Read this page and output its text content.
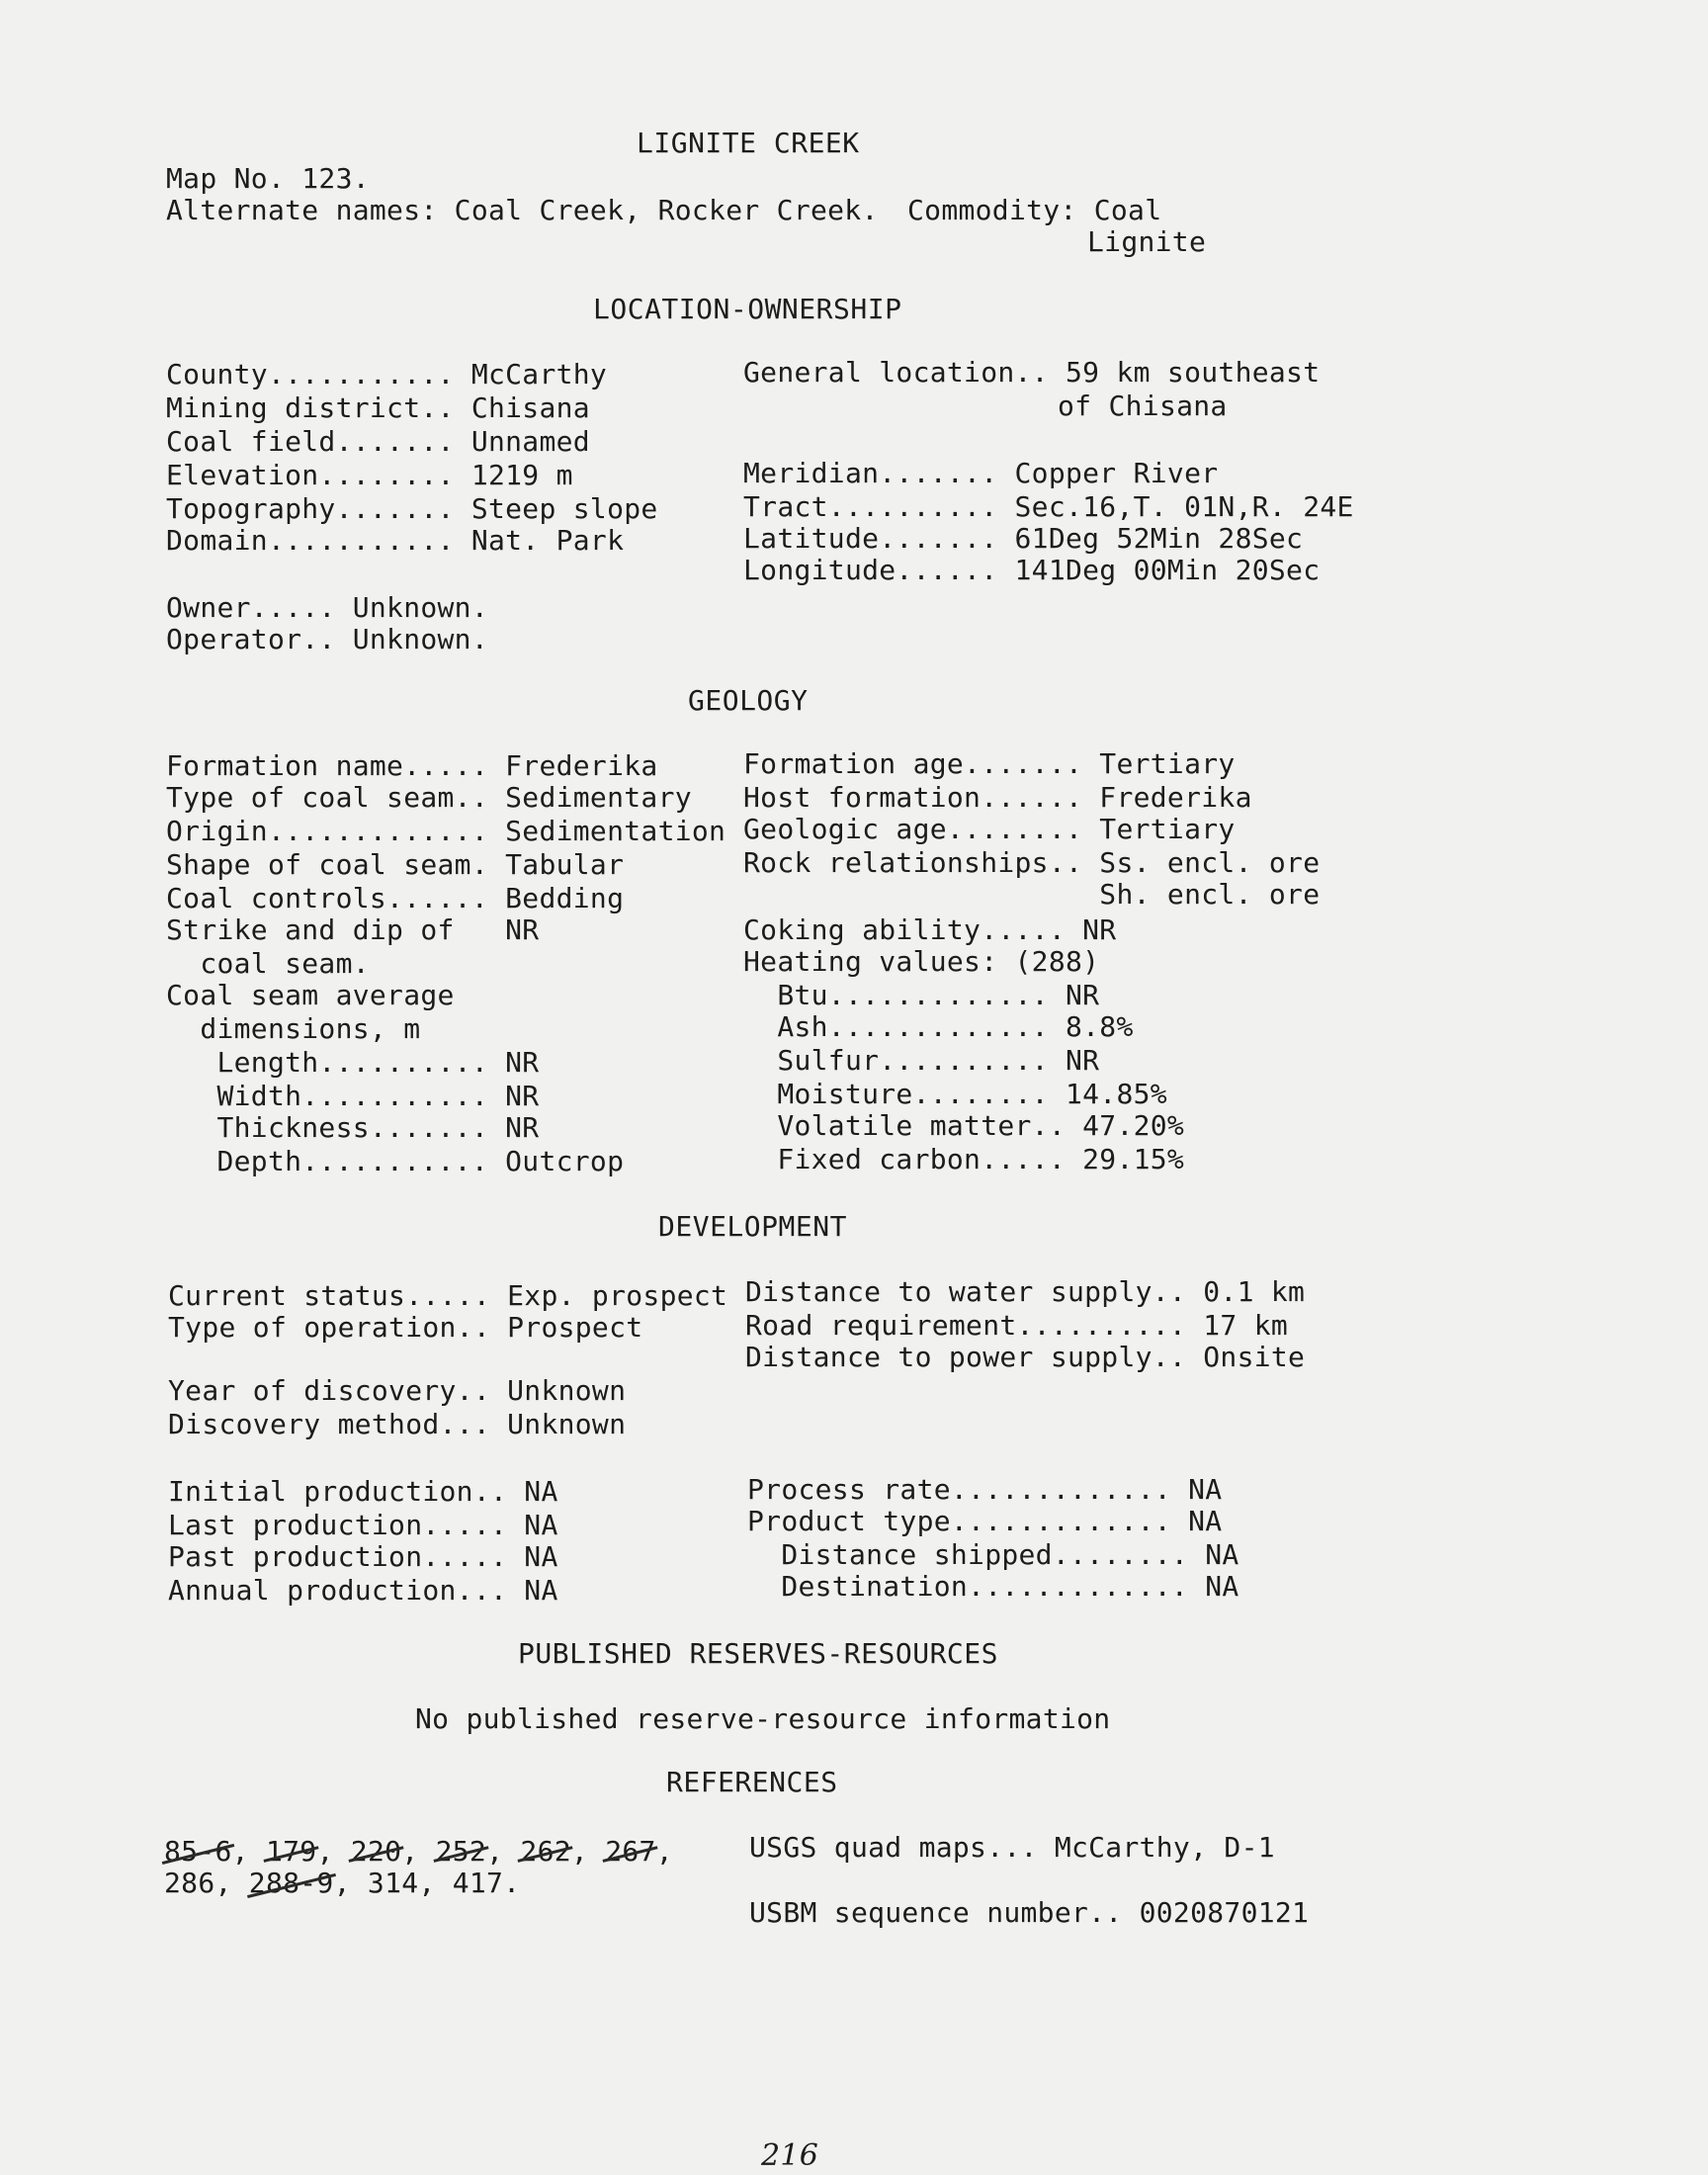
LIGNITE CREEK
Map No. 123.
Alternate names: Coal Creek, Rocker Creek. Commodity: Coal
Lignite
LOCATION-OWNERSHIP
County........... McCarthy
Mining district.. Chisana
Coal field....... Unnamed
Elevation........ 1219 m
Topography....... Steep slope
Domain........... Nat. Park
General location.. 59 km southeast
of Chisana
Meridian....... Copper River
Tract.......... Sec.16,T. 01N,R. 24E
Latitude....... 61Deg 52Min 28Sec
Longitude...... 141Deg 00Min 20Sec
Owner..... Unknown.
Operator.. Unknown.
GEOLOGY
Formation name..... Frederika
Type of coal seam.. Sedimentary
Origin............. Sedimentation
Shape of coal seam. Tabular
Coal controls...... Bedding
Strike and dip of   NR
coal seam.
Coal seam average
dimensions, m
Length.......... NR
Width........... NR
Thickness....... NR
Depth........... Outcrop
Formation age....... Tertiary
Host formation...... Frederika
Geologic age........ Tertiary
Rock relationships.. Ss. encl. ore
Sh. encl. ore
Coking ability..... NR
Heating values: (288)
Btu............. NR
Ash............. 8.8%
Sulfur.......... NR
Moisture........ 14.85%
Volatile matter.. 47.20%
Fixed carbon..... 29.15%
DEVELOPMENT
Current status..... Exp. prospect
Type of operation.. Prospect
Year of discovery.. Unknown
Discovery method... Unknown
Distance to water supply.. 0.1 km
Road requirement.......... 17 km
Distance to power supply.. Onsite
Initial production.. NA
Last production..... NA
Past production..... NA
Annual production... NA
Process rate............. NA
Product type............. NA
Distance shipped........ NA
Destination............. NA
PUBLISHED RESERVES-RESOURCES
No published reserve-resource information
REFERENCES
85-6, 179, 220, 252, 262, 267,
286, 288-9, 314, 417.
USGS quad maps... McCarthy, D-1
USBM sequence number.. 0020870121
216
